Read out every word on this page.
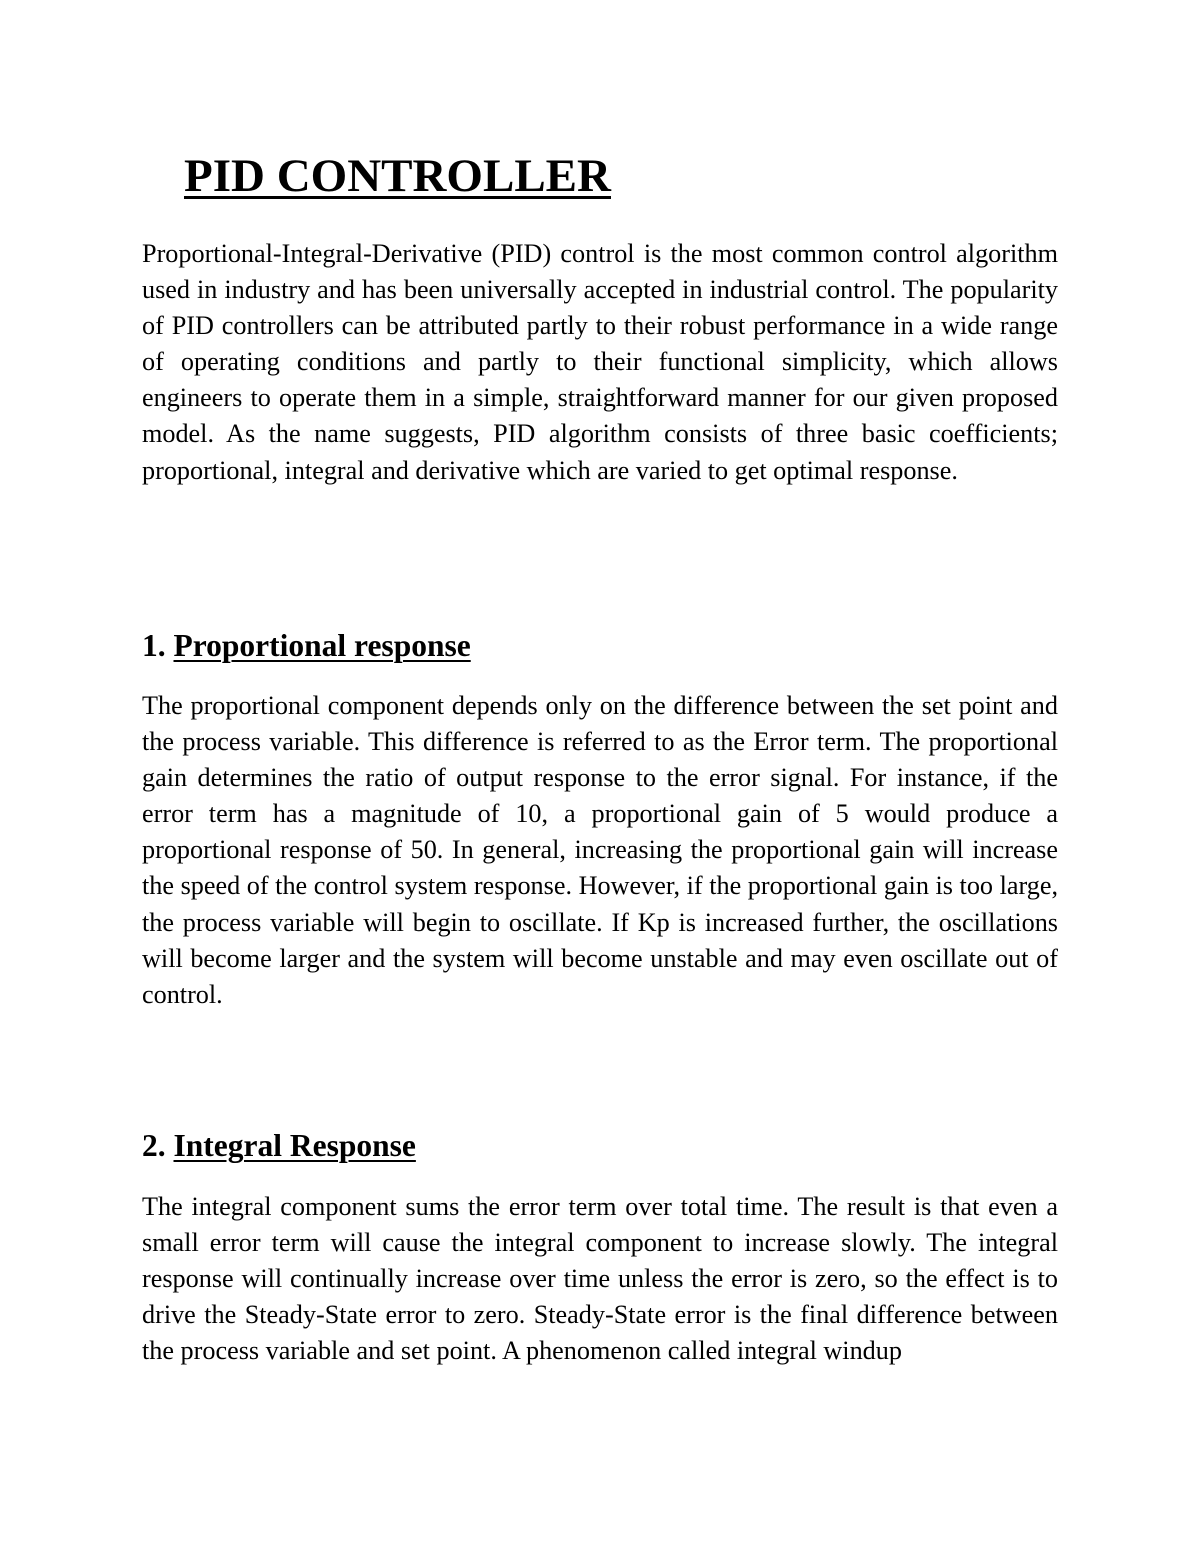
PID CONTROLLER

Proportional-Integral-Derivative (PID) control is the most common control algorithm used in industry and has been universally accepted in industrial control. The popularity of PID controllers can be attributed partly to their robust performance in a wide range of operating conditions and partly to their functional simplicity, which allows engineers to operate them in a simple, straightforward manner for our given proposed model. As the name suggests, PID algorithm consists of three basic coefficients; proportional, integral and derivative which are varied to get optimal response.

1. Proportional response

The proportional component depends only on the difference between the set point and the process variable. This difference is referred to as the Error term. The proportional gain determines the ratio of output response to the error signal. For instance, if the error term has a magnitude of 10, a proportional gain of 5 would produce a proportional response of 50. In general, increasing the proportional gain will increase the speed of the control system response. However, if the proportional gain is too large, the process variable will begin to oscillate. If Kp is increased further, the oscillations will become larger and the system will become unstable and may even oscillate out of control.

2. Integral Response

The integral component sums the error term over total time. The result is that even a small error term will cause the integral component to increase slowly. The integral response will continually increase over time unless the error is zero, so the effect is to drive the Steady-State error to zero. Steady-State error is the final difference between the process variable and set point. A phenomenon called integral windup
